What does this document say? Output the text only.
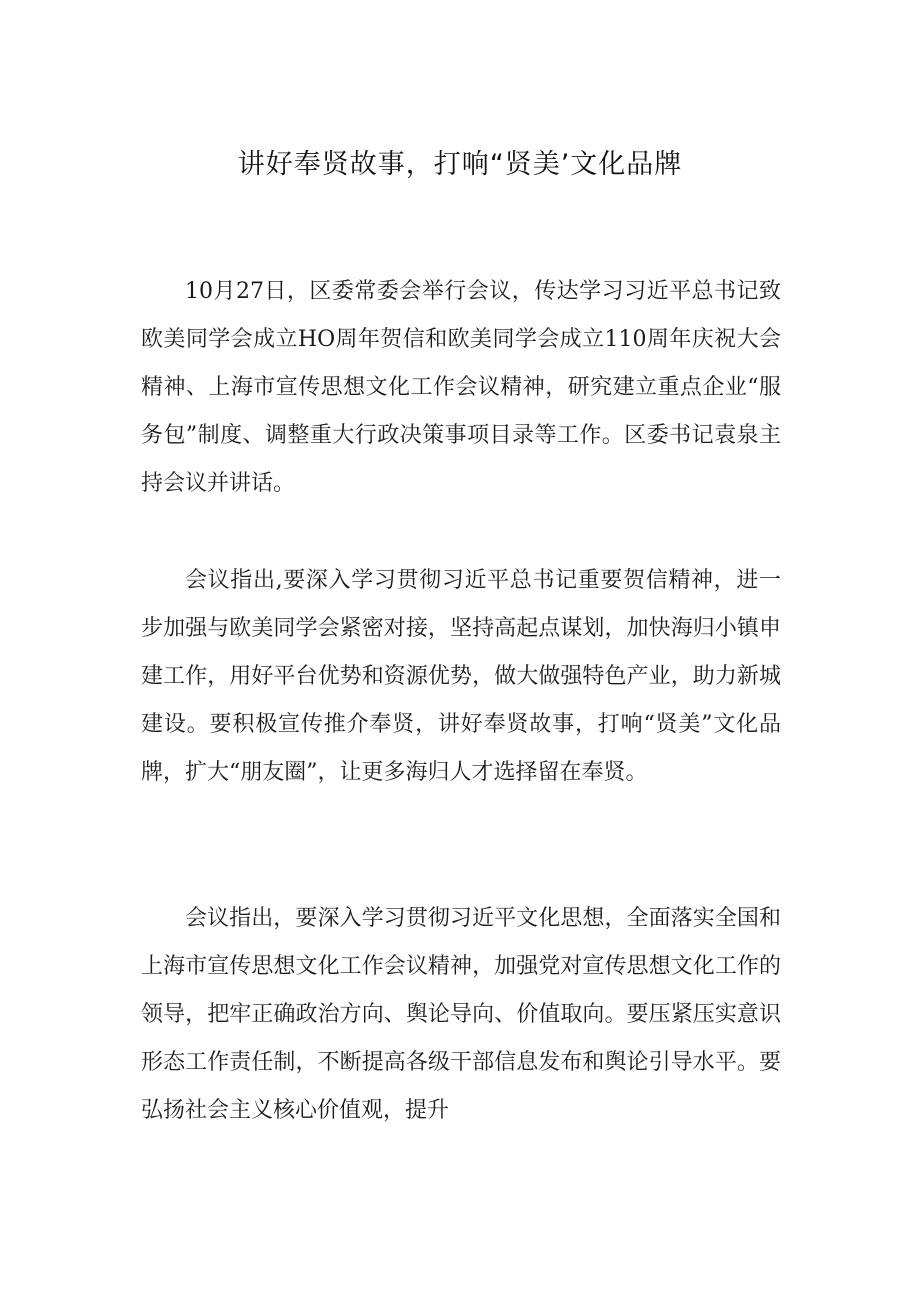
讲好奉贤故事，打响“贤美’文化品牌

10月27日，区委常委会举行会议，传达学习习近平总书记致欧美同学会成立HO周年贺信和欧美同学会成立110周年庆祝大会精神、上海市宣传思想文化工作会议精神，研究建立重点企业“服务包”制度、调整重大行政决策事项目录等工作。区委书记袁泉主持会议并讲话。

会议指出,要深入学习贯彻习近平总书记重要贺信精神，进一步加强与欧美同学会紧密对接，坚持高起点谋划，加快海归小镇申建工作，用好平台优势和资源优势，做大做强特色产业，助力新城建设。要积极宣传推介奉贤，讲好奉贤故事，打响“贤美”文化品牌，扩大“朋友圈”，让更多海归人才选择留在奉贤。

会议指出，要深入学习贯彻习近平文化思想，全面落实全国和上海市宣传思想文化工作会议精神，加强党对宣传思想文化工作的领导，把牢正确政治方向、舆论导向、价值取向。要压紧压实意识形态工作责任制，不断提高各级干部信息发布和舆论引导水平。要弘扬社会主义核心价值观，提升
